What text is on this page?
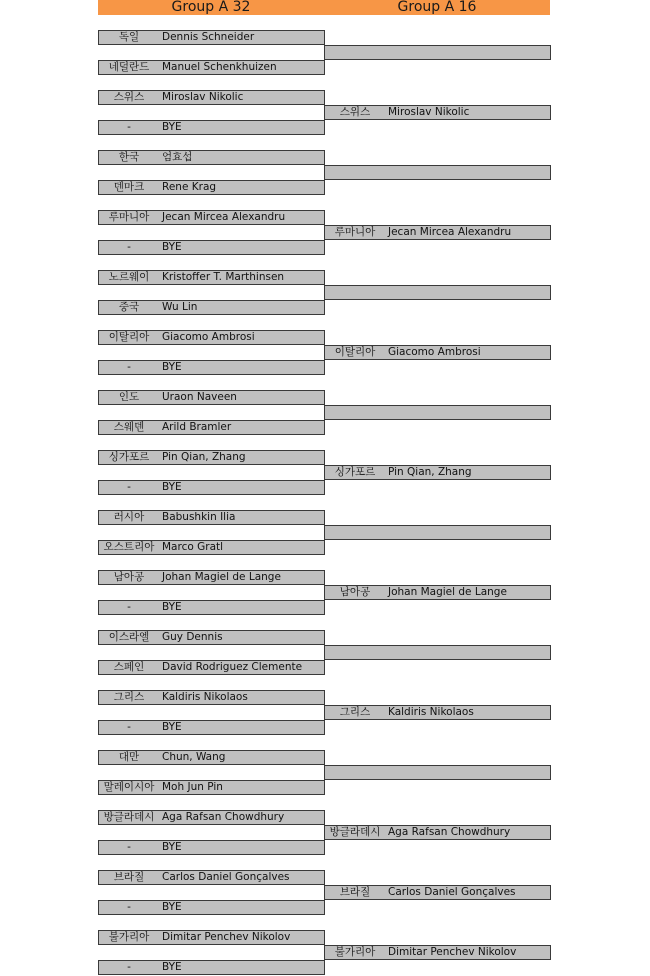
Group A 32	Group A 16
독일	Dennis Schneider
네덜란드	Manuel Schenkhuizen
스위스	Miroslav Nikolic
-	BYE
한국	엄효섭
덴마크	Rene Krag
루마니아	Jecan Mircea Alexandru
-	BYE
노르웨이	Kristoffer T. Marthinsen
중국	Wu Lin
이탈리아	Giacomo Ambrosi
-	BYE
인도	Uraon Naveen
스웨덴	Arild Bramler
싱가포르	Pin Qian, Zhang
-	BYE
러시아	Babushkin Ilia
오스트리아 Marco Gratl
남아공	Johan Magiel de Lange
-	BYE
이스라엘	Guy Dennis
스페인	David Rodriguez Clemente
그리스	Kaldiris Nikolaos
-	BYE
대만	Chun, Wang
말레이시아 Moh Jun Pin
방글라데시 Aga Rafsan Chowdhury
-	BYE
브라질	Carlos Daniel Gonçalves
-	BYE
불가리아	Dimitar Penchev Nikolov
-	BYE
스위스	Miroslav Nikolic
루마니아	Jecan Mircea Alexandru
이탈리아	Giacomo Ambrosi
싱가포르	Pin Qian, Zhang
남아공	Johan Magiel de Lange
그리스	Kaldiris Nikolaos
방글라데시 Aga Rafsan Chowdhury
브라질	Carlos Daniel Gonçalves
불가리아	Dimitar Penchev Nikolov
